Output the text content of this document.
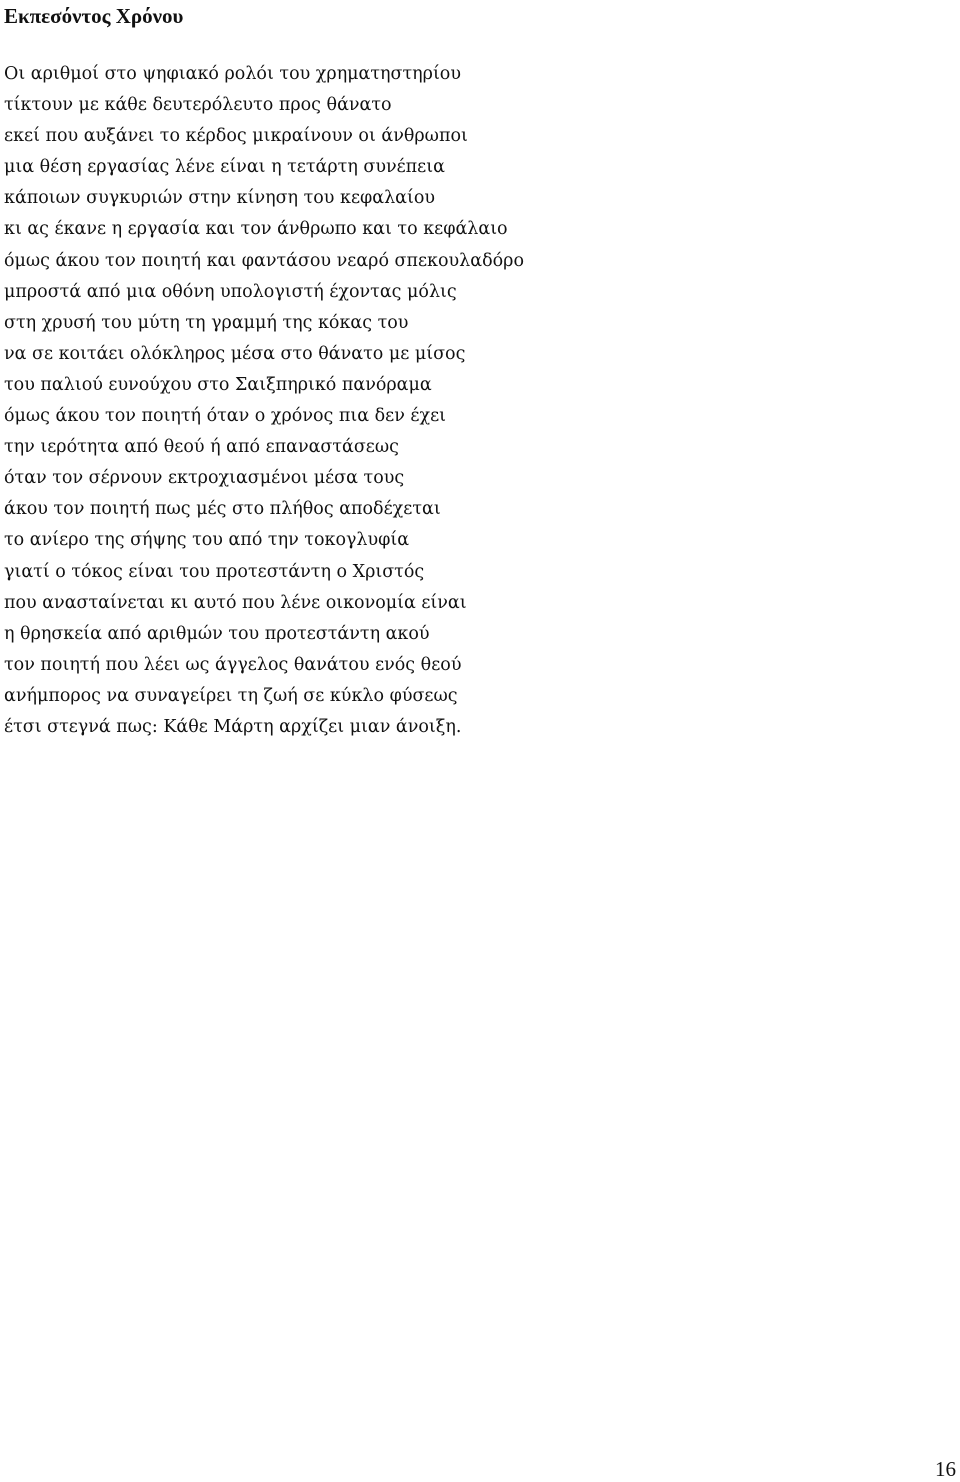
Εκπεσόντος Χρόνου
Οι αριθμοί στο ψηφιακό ρολόι του χρηματηστηρίου
τίκτουν με κάθε δευτερόλευτο προς θάνατο
εκεί που αυξάνει το κέρδος μικραίνουν οι άνθρωποι
μια θέση εργασίας λένε είναι η τετάρτη συνέπεια
κάποιων συγκυριών στην κίνηση του κεφαλαίου
κι ας έκανε η εργασία και τον άνθρωπο και το κεφάλαιο
όμως άκου τον ποιητή και φαντάσου νεαρό σπεκουλαδόρο
μπροστά από μια οθόνη υπολογιστή έχοντας μόλις
στη χρυσή του μύτη τη γραμμή της κόκας του
να σε κοιτάει ολόκληρος μέσα στο θάνατο με μίσος
του παλιού ευνούχου στο Σαιξπηρικό πανόραμα
όμως άκου τον ποιητή όταν ο χρόνος πια δεν έχει
την ιερότητα από θεού ή από επαναστάσεως
όταν τον σέρνουν εκτροχιασμένοι μέσα τους
άκου τον ποιητή πως μές στο πλήθος αποδέχεται
το ανίερο της σήψης του από την τοκογλυφία
γιατί ο τόκος είναι του προτεστάντη ο Χριστός
που ανασταίνεται κι αυτό που λένε οικονομία είναι
η θρησκεία από αριθμών του προτεστάντη ακού
τον ποιητή που λέει ως άγγελος θανάτου ενός θεού
ανήμπορος να συναγείρει τη ζωή σε κύκλο φύσεως
έτσι στεγνά πως: Κάθε Μάρτη αρχίζει μιαν άνοιξη.
16
